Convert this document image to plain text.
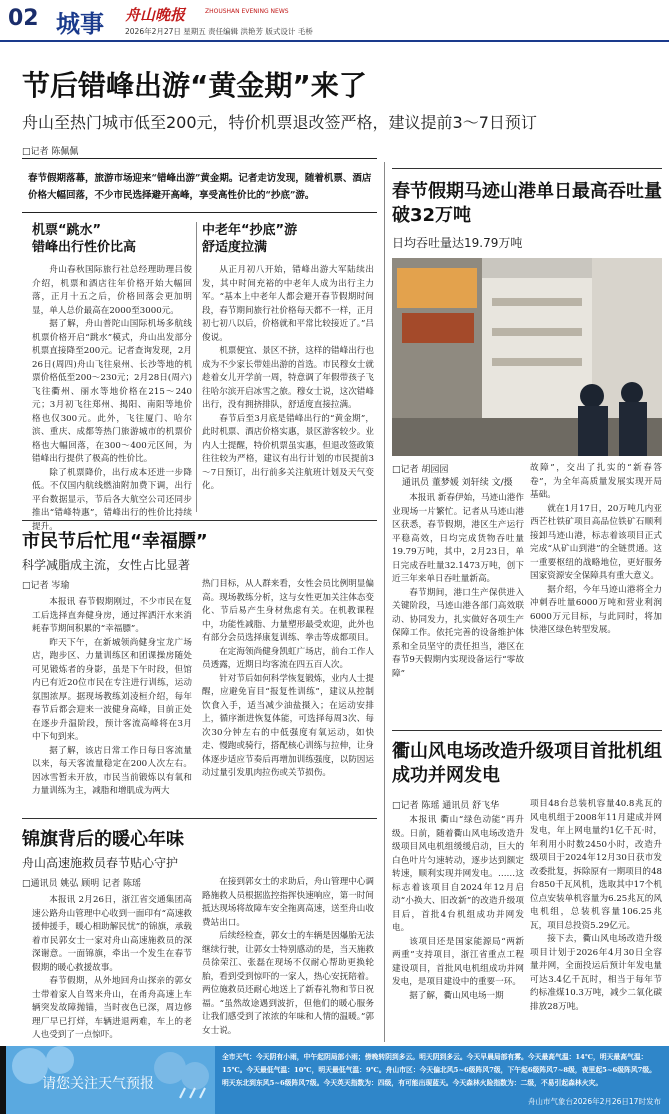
02 城事 舟山晚报	ZHOUSHAN EVENING NEWS
2026年2月27日 星期五 责任编辑 洪艳芳 版式设计 毛桥
节后错峰出游“黄金期”来了
舟山至热门城市低至200元，特价机票退改签严格，建议提前3～7日预订
□记者 陈佩佩
春节假期落幕，旅游市场迎来“错峰出游”黄金期。记者走访发现，随着机票、酒店价格大幅回落，不少市民选择避开高峰，享受高性价比的“抄底”游。
机票“跳水”
错峰出行性价比高

舟山春秋国际旅行社总经理助理吕俊介绍，机票和酒店往年价格开始大幅回落，正月十五之后，价格回落会更加明显，单人总价最高在2000至3000元。

据了解，舟山普陀山国际机场多航线机票价格开启“跳水”模式，舟山出发部分机票直接降至200元。记者查询发现，2月26日(周四)舟山飞往泉州、长沙等地的机票价格低至200～230元；2月28日(周六)飞往衢州、丽水等地价格在215～240元；3月初飞往郑州、揭阳、南阳等地价格也仅300元。此外，飞往厦门、哈尔滨、重庆、成都等热门旅游城市的机票价格也大幅回落，在300～400元区间，为错峰出行提供了极高的性价比。

除了机票降价，出行成本还进一步降低。不仅国内航线燃油附加费下调，出行平台数据显示，节后各大航空公司还同步推出“错峰特惠”，错峰出行的性价比持续提升。

中老年“抄底”游
舒适度拉满

从正月初八开始，错峰出游大军陆续出发，其中时间充裕的中老年人成为出行主力军。“基本上中老年人都会避开春节假期时间段，春节期间旅行社价格每天都不一样，正月初七初八以后，价格就和平常比较接近了。”吕俊说。

机票便宜、景区不挤，这样的错峰出行也成为不少家长带娃出游的首选。市民穆女士就趁着女儿开学前一周，特意调了年假带孩子飞往哈尔滨开启冰雪之旅。穆女士说，这次错峰出行，没有拥挤排队，舒适度直接拉满。

春节后至3月底是错峰出行的“黄金期”，此时机票、酒店价格实惠，景区游客较少。业内人士提醒，特价机票虽实惠，但退改签政策往往较为严格，建议有出行计划的市民提前3～7日预订，出行前多关注航班计划及天气变化。

春节假期马迹山港单日最高吞吐量破32万吨
日均吞吐量达19.79万吨
□记者 胡园园
通讯员 董梦媛 刘轩续 文/摄

本报讯 新春伊始，马迹山港作业现场一片繁忙。记者从马迹山港区获悉，春节假期，港区生产运行平稳高效，日均完成货物吞吐量19.79万吨，其中，2月23日，单日完成吞吐量32.1473万吨，创下近三年来单日吞吐量新高。

春节期间，港口生产保供进入关键阶段，马迹山港各部门高效联动、协同发力，扎实做好各项生产保障工作。依托完善的设备维护体系和全员坚守的责任担当，港区在春节9天假期内实现设备运行“零故障”

故障”，交出了扎实的“新春答卷”，为全年高质量发展实现开局基础。

就在1月17日，20万吨几内亚西芒杜铁矿项目高品位铁矿石顺利接卸马迹山港，标志着该项目正式完成“从矿山到港”的全链贯通。这一重要枢纽的战略地位，更好服务国家资源安全保障具有重大意义。

据介绍，今年马迹山港将全力冲刺吞吐量6000万吨和营业利润6000万元目标，与此同时，将加快港区绿色转型发展。

市民节后忙甩“幸福膘”
科学减脂成主流，女性占比显著
□记者 岑瑜

本报讯 春节假期刚过，不少市民在复工后选择直奔健身房，通过挥洒汗水来消耗春节期间积累的“幸福膘”。

昨天下午，在新城领尚健身宝龙广场店，跑步区、力量训练区和团课操房随处可见锻炼者的身影，虽是下午时段，但馆内已有近20位市民在专注进行训练，运动氛围浓厚。据现场教练刘凌桓介绍，每年春节后都会迎来一波健身高峰，目前正处在逐步升温阶段，预计客流高峰将在3月中下旬到来。

据了解，该店日常工作日每日客流量以来，每天客流量稳定在200人次左右。因冰雪暂未开放，市民当前锻炼以有氧和力量训练为主，减脂和增肌成为两大

热门目标，从人群来看，女性会员比例明显偏高。现场教练分析，这与女性更加关注体态变化、节后易产生身材焦虑有关。在机教课程中，功能性减脂、力量塑形最受欢迎，此外也有部分会员选择康复训练、拳击等成都项目。

在定海领尚健身凯虹广场店，前台工作人员透露，近期日均客流在四五百人次。

针对节后如何科学恢复锻炼，业内人士提醒，应避免盲目“报复性训练”，建议从控制饮食入手，适当减少油盐摄入；在运动安排上，循序渐进恢复体能，可选择每周3次、每次30分钟左右的中低强度有氧运动，如快走、慢跑或骑行，搭配核心训练与拉伸，让身体逐步适应节奏后再增加训练强度，以防因运动过量引发肌肉拉伤或关节损伤。

锦旗背后的暖心年味
舟山高速施救员春节贴心守护
□通讯员 姚弘 顾明 记者 陈瑶

本报讯 2月26日，浙江省交通集团高速公路舟山管理中心收到一面印有“高速救援伸援手，暖心相助解民忧”的锦旗，承载着市民郭女士一家对舟山高速施救员的深深谢意。一面锦旗，牵出一个发生在春节假期的暖心救援故事。

春节假期，从外地回舟山探亲的郭女士带着家人自驾来舟山，在甬舟高速上车辆突发故障抛锚，当时夜色已深，周边修理厂早已打烊，车辆进退两难，车上的老人也受到了一点惊吓。

在接到郭女士的求助后，舟山管理中心调路施救人员根据监控指挥快速响应，第一时间抵达现场将故障车安全拖离高速，送至舟山收费站出口。

后续经检查，郭女士的车辆是因爆胎无法继续行驶，让郭女士特别感动的是，当天施救员徐荣江、张磊在现场不仅耐心帮助更换轮胎，看到受到惊吓的一家人，热心安抚陪着。两位施救员还耐心地送上了新春礼物和节日祝福。“虽然故途遇到波折，但他们的暖心服务让我们感受到了浓浓的年味和人情的温暖。”郭女士说。

衢山风电场改造升级项目首批机组成功并网发电
□记者 陈瑶 通讯员 舒飞华

本报讯 衢山“绿色动能”再升级。日前，随着衢山风电场改造升级项目风电机组缓缓启动，巨大的白色叶片匀速转动，逐步达到额定转速，顺利实现并网发电。……这标志着该项目自2024年12月启动“小换大、旧改新”的改造升级项目后，首批4台机组成功并网发电。

该项目还是国家能源局“两新两重”支持项目，浙江省重点工程建设项目，首批风电机组成功并网发电，是项目建设中的重要一环。

据了解，衢山风电场一期

项目48台总装机容量40.8兆瓦的风电机组于2008年11月建成并网发电，年上网电量约1亿千瓦·时，年利用小时数2450小时，改造升级项目于2024年12月30日获市发改委批复，拆除原有一期项目的48台850千瓦风机，选取其中17个机位点安装单机容量为6.25兆瓦的风电机组，总装机容量106.25兆瓦，项目总投资5.29亿元。

接下去，衢山风电场改造升级项目计划于2026年4月30日全容量并网，全面投运后预计年发电量可达3.4亿千瓦时，相当于每年节约标准煤10.3万吨，减少二氧化碳排放28万吨。

请您关注天气预报
全市天气：今天阴有小雨，中午起阴局部小雨；傍晚转阴到多云。明天阴到多云。今天早晨局部有雾。今天最高气温：14℃，明天最高气温：15℃。今天最低气温：10℃，明天最低气温：9℃。舟山市区：今天偏北风5~6级阵风7级，下午起6级阵风7~8级，夜里起5~6级阵风7级。明天东北到东风5~6级阵风7级。今天英天指数为：四级，有可能出现蓝天。今天森林火险指数为：二级，不易引起森林火灾。
舟山市气象台2026年2月26日17时发布
